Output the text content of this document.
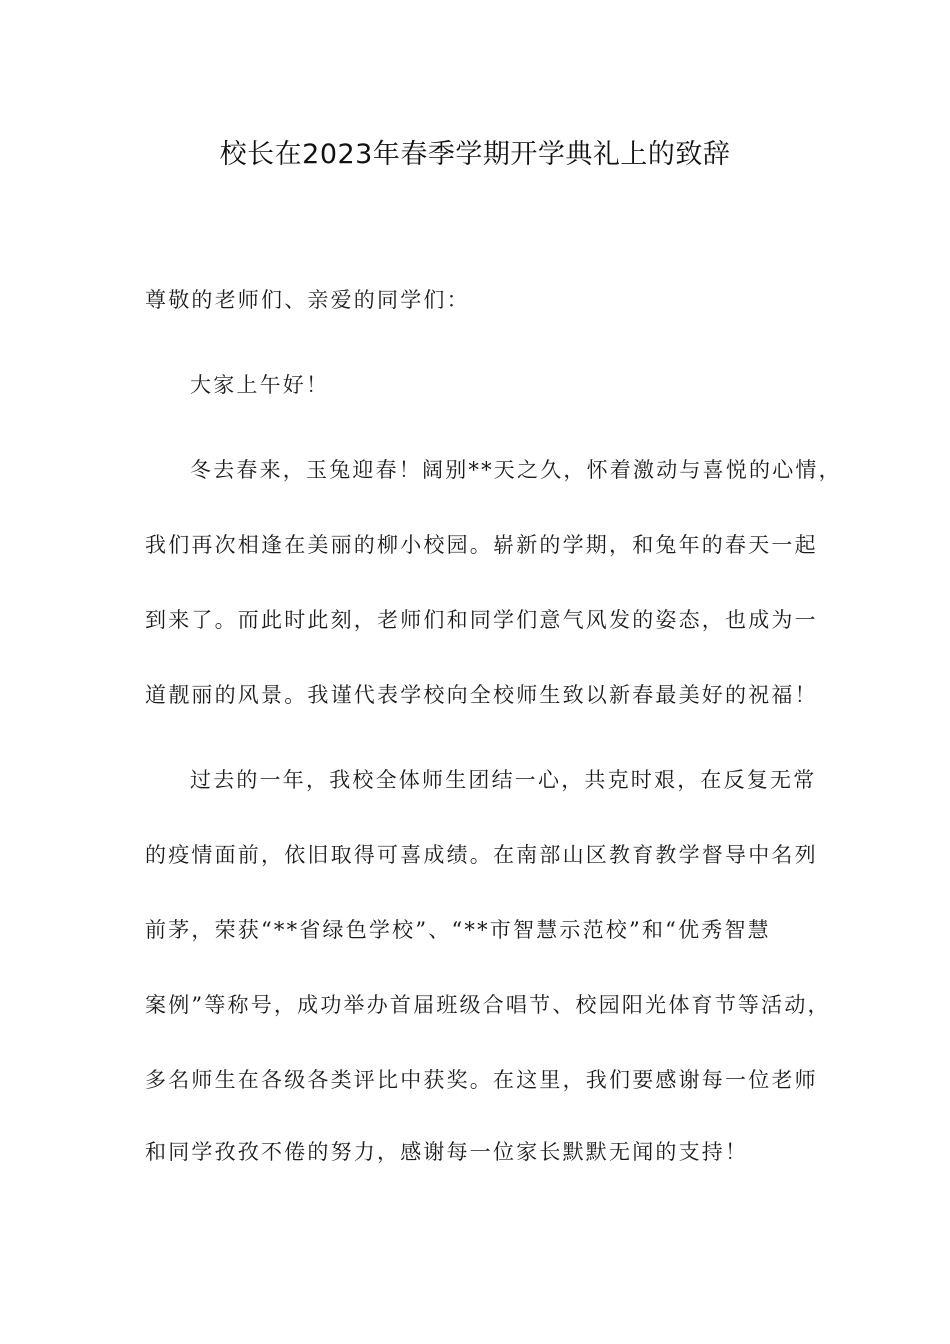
校长在2023年春季学期开学典礼上的致辞
尊敬的老师们、亲爱的同学们：
大家上午好！
冬去春来，玉兔迎春！阔别**天之久，怀着激动与喜悦的心情，
我们再次相逢在美丽的柳小校园。崭新的学期，和兔年的春天一起
到来了。而此时此刻，老师们和同学们意气风发的姿态，也成为一
道靓丽的风景。我谨代表学校向全校师生致以新春最美好的祝福！
过去的一年，我校全体师生团结一心，共克时艰，在反复无常
的疫情面前，依旧取得可喜成绩。在南部山区教育教学督导中名列
前茅，荣获“**省绿色学校”、“**市智慧示范校”和“优秀智慧
案例”等称号，成功举办首届班级合唱节、校园阳光体育节等活动，
多名师生在各级各类评比中获奖。在这里，我们要感谢每一位老师
和同学孜孜不倦的努力，感谢每一位家长默默无闻的支持！
